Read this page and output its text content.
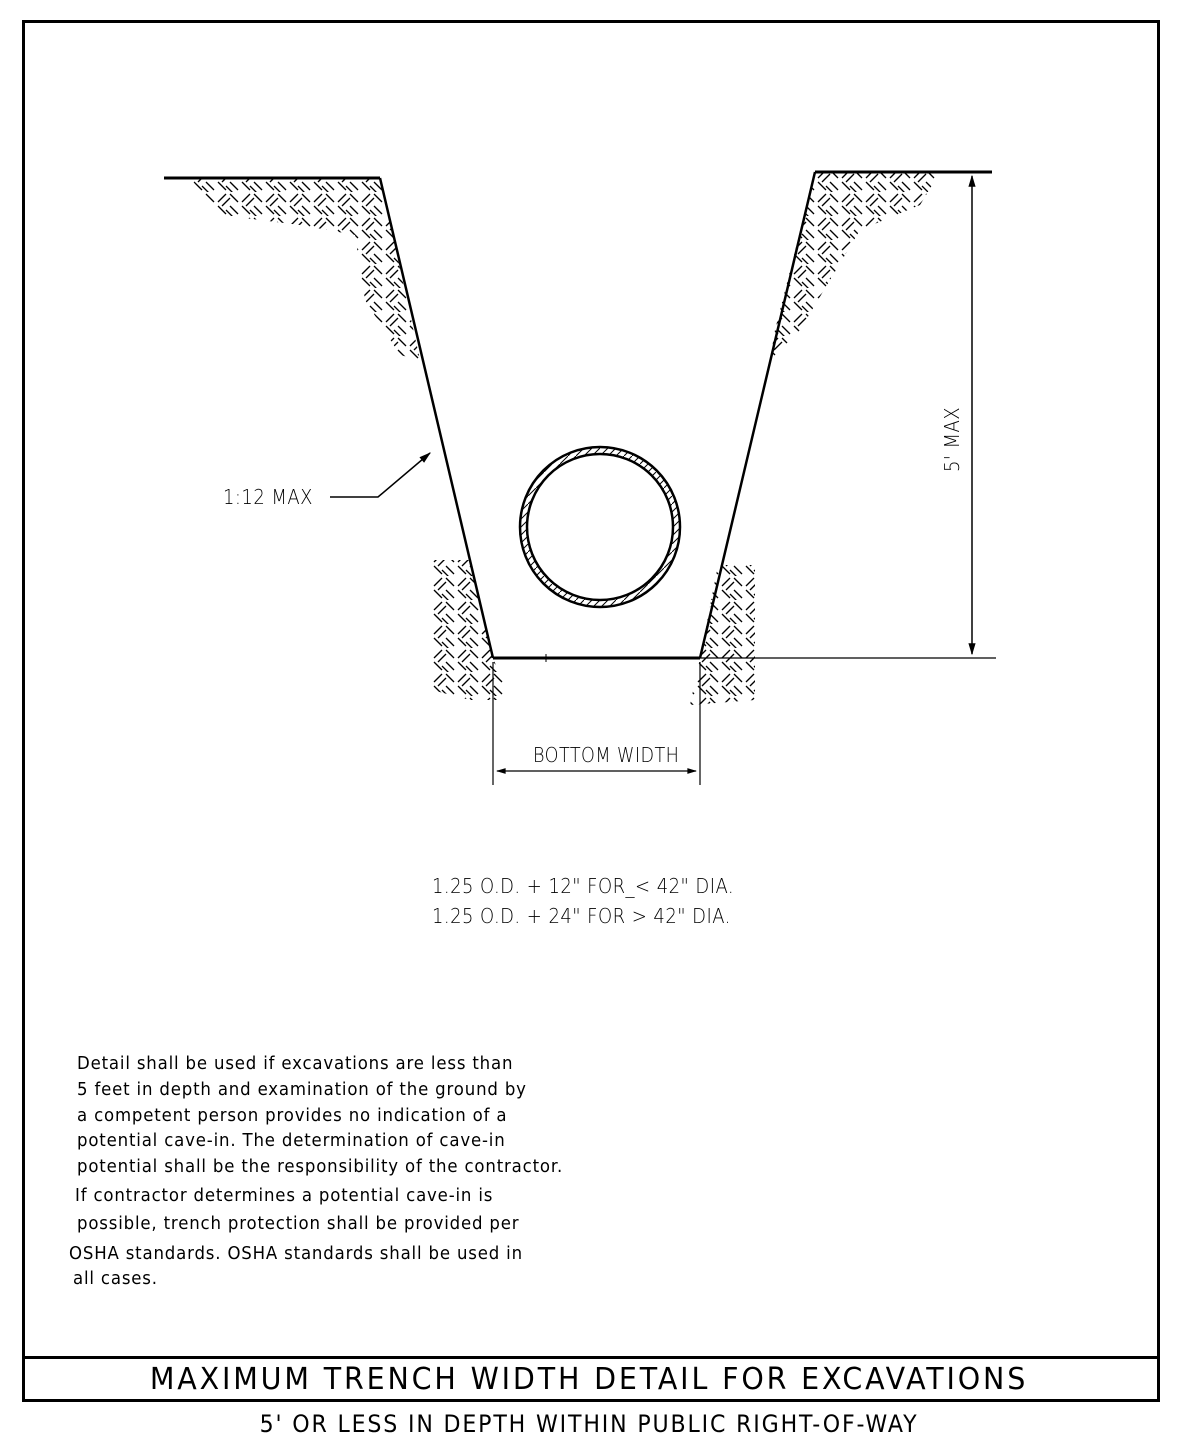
1:12 MAX
5' MAX
BOTTOM WIDTH
1.25 O.D. + 12" FOR_< 42" DIA.
1.25 O.D. + 24" FOR > 42" DIA.
Detail shall be used if excavations are less than
5 feet in depth and examination of the ground by
a competent person provides no indication of a
potential cave-in. The determination of cave-in
potential shall be the responsibility of the contractor.
If contractor determines a potential cave-in is
possible, trench protection shall be provided per
OSHA standards. OSHA standards shall be used in
all cases.
MAXIMUM TRENCH WIDTH DETAIL FOR EXCAVATIONS
5' OR LESS IN DEPTH WITHIN PUBLIC RIGHT-OF-WAY
